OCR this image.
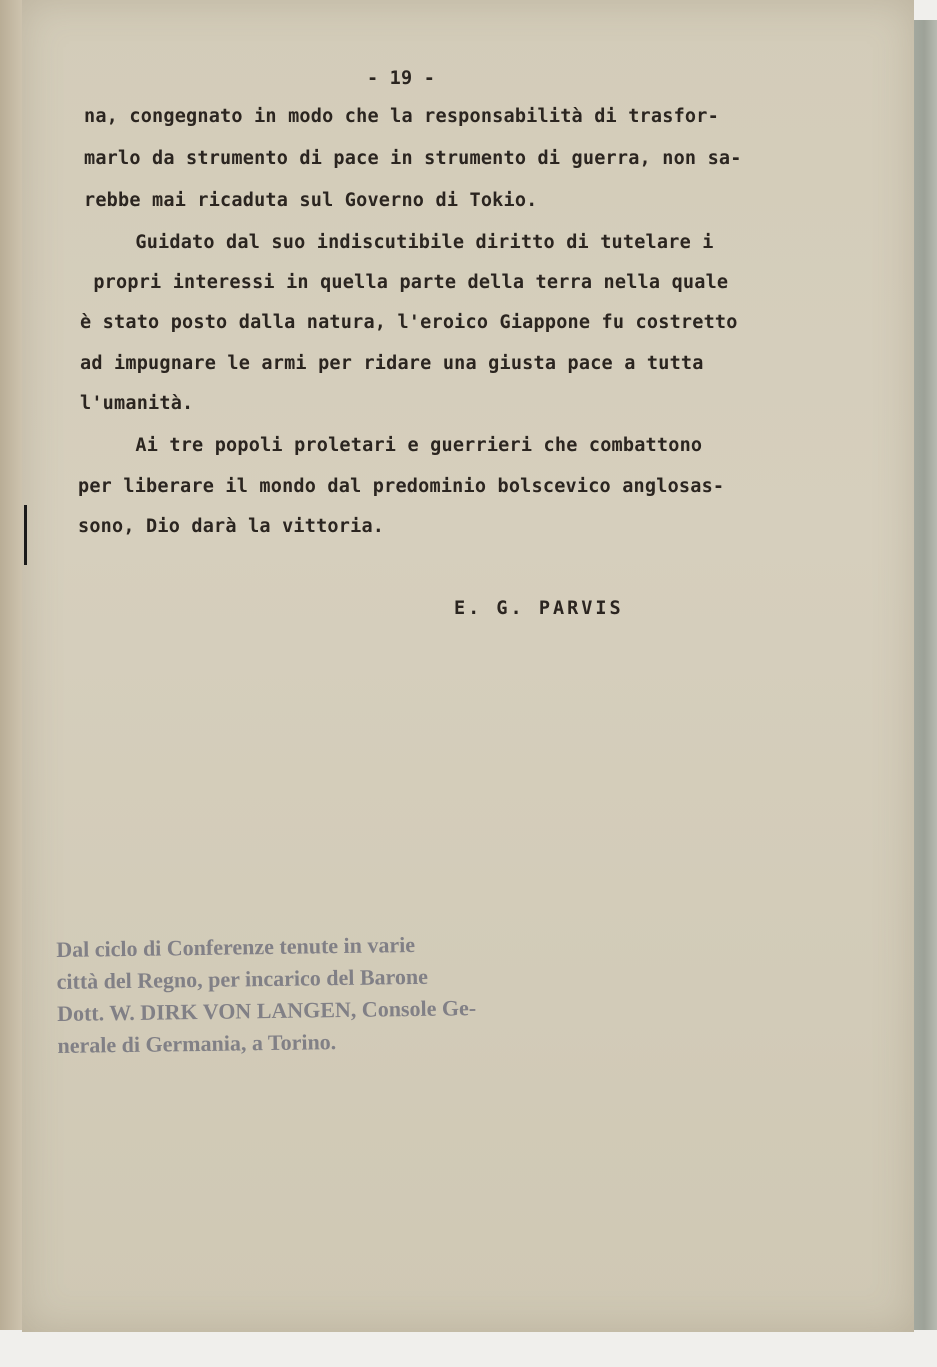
- 19 -
na, congegnato in modo che la responsabilità di trasfor-
marlo da strumento di pace in strumento di guerra, non sa-
rebbe mai ricaduta sul Governo di Tokio.
Guidato dal suo indiscutibile diritto di tutelare i
propri interessi in quella parte della terra nella quale
è stato posto dalla natura, l'eroico Giappone fu costretto
ad impugnare le armi per ridare una giusta pace a tutta
l'umanità.
Ai tre popoli proletari e guerrieri che combattono
per liberare il mondo dal predominio bolscevico anglosas-
sono, Dio darà la vittoria.
E. G. PARVIS
Dal ciclo di Conferenze tenute in varie
città del Regno, per incarico del Barone
Dott. W. DIRK VON LANGEN, Console Ge-
nerale di Germania, a Torino.
